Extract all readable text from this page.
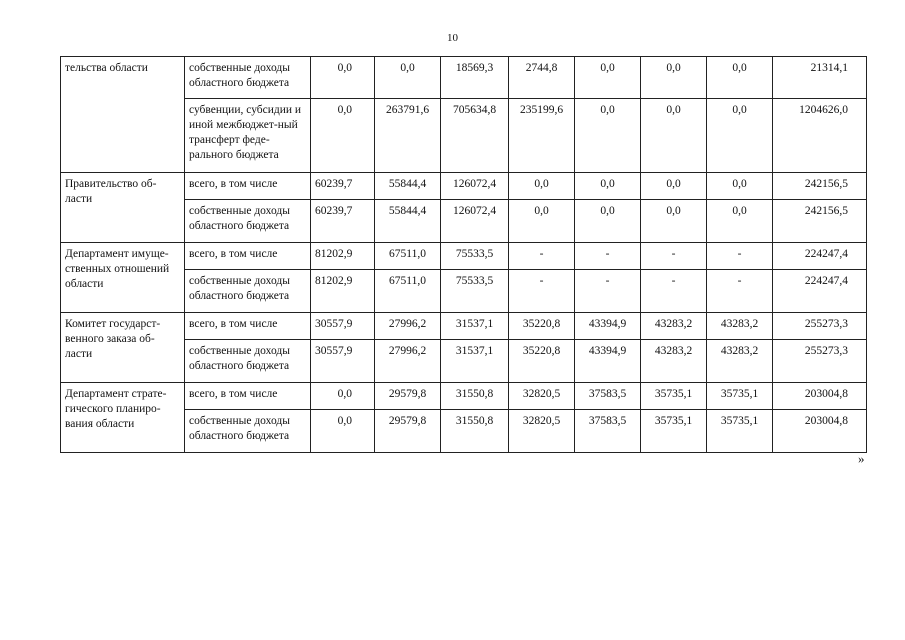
10
тельства области	собственные доходы областного бюджета	0,0	0,0	18569,3	2744,8	0,0	0,0	0,0	21314,1
	субвенции, субсидии и иной межбюджет-ный трансферт феде-рального бюджета	0,0	263791,6	705634,8	235199,6	0,0	0,0	0,0	1204626,0
Правительство об-ласти	всего, в том числе	60239,7	55844,4	126072,4	0,0	0,0	0,0	0,0	242156,5
	собственные доходы областного бюджета	60239,7	55844,4	126072,4	0,0	0,0	0,0	0,0	242156,5
Департамент имуще-ственных отношений области	всего, в том числе	81202,9	67511,0	75533,5	-	-	-	-	224247,4
	собственные доходы областного бюджета	81202,9	67511,0	75533,5	-	-	-	-	224247,4
Комитет государст-венного заказа об-ласти	всего, в том числе	30557,9	27996,2	31537,1	35220,8	43394,9	43283,2	43283,2	255273,3
	собственные доходы областного бюджета	30557,9	27996,2	31537,1	35220,8	43394,9	43283,2	43283,2	255273,3
Департамент страте-гического планиро-вания области	всего, в том числе	0,0	29579,8	31550,8	32820,5	37583,5	35735,1	35735,1	203004,8
	собственные доходы областного бюджета	0,0	29579,8	31550,8	32820,5	37583,5	35735,1	35735,1	203004,8
»
